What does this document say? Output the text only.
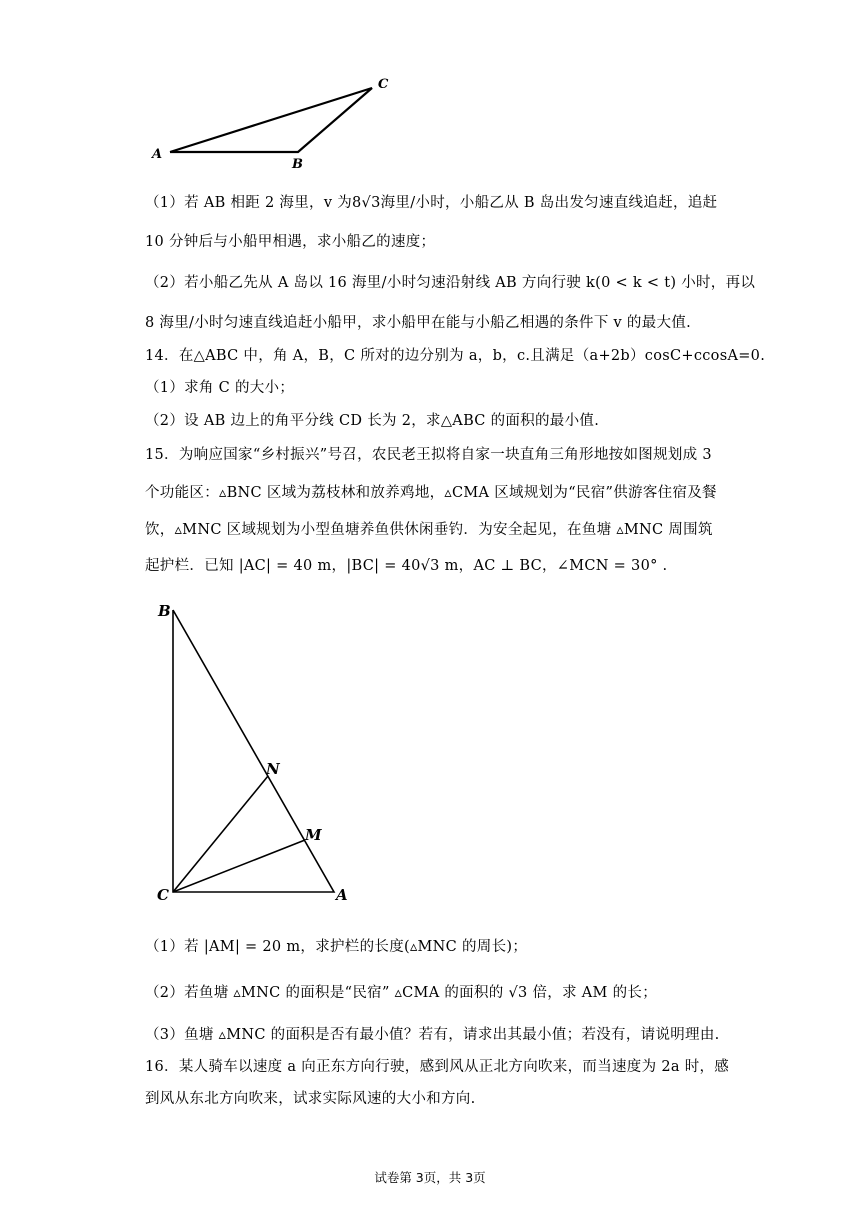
A
B
C
（1）若 AB 相距 2 海里，v 为8√3海里/小时，小船乙从 B 岛出发匀速直线追赶，追赶
10 分钟后与小船甲相遇，求小船乙的速度；
（2）若小船乙先从 A 岛以 16 海里/小时匀速沿射线 AB 方向行驶 k(0 < k < t) 小时，再以
8 海里/小时匀速直线追赶小船甲，求小船甲在能与小船乙相遇的条件下 v 的最大值.
14．在△ABC 中，角 A，B，C 所对的边分别为 a，b，c.且满足（a+2b）cosC+ccosA=0.
（1）求角 C 的大小；
（2）设 AB 边上的角平分线 CD 长为 2，求△ABC 的面积的最小值.
15．为响应国家“乡村振兴”号召，农民老王拟将自家一块直角三角形地按如图规划成 3
个功能区：▵BNC 区域为荔枝林和放养鸡地，▵CMA 区域规划为“民宿”供游客住宿及餐
饮，▵MNC 区域规划为小型鱼塘养鱼供休闲垂钓．为安全起见，在鱼塘 ▵MNC 周围筑
起护栏．已知 |AC| = 40 m，|BC| = 40√3 m，AC ⊥ BC，∠MCN = 30° .
B
N
M
C	A
（1）若 |AM| = 20 m，求护栏的长度(▵MNC 的周长)；
（2）若鱼塘 ▵MNC 的面积是“民宿” ▵CMA 的面积的 √3 倍，求 AM 的长；
（3）鱼塘 ▵MNC 的面积是否有最小值？若有，请求出其最小值；若没有，请说明理由.
16．某人骑车以速度 a 向正东方向行驶，感到风从正北方向吹来，而当速度为 2a 时，感
到风从东北方向吹来，试求实际风速的大小和方向.
试卷第 3页，共 3页
